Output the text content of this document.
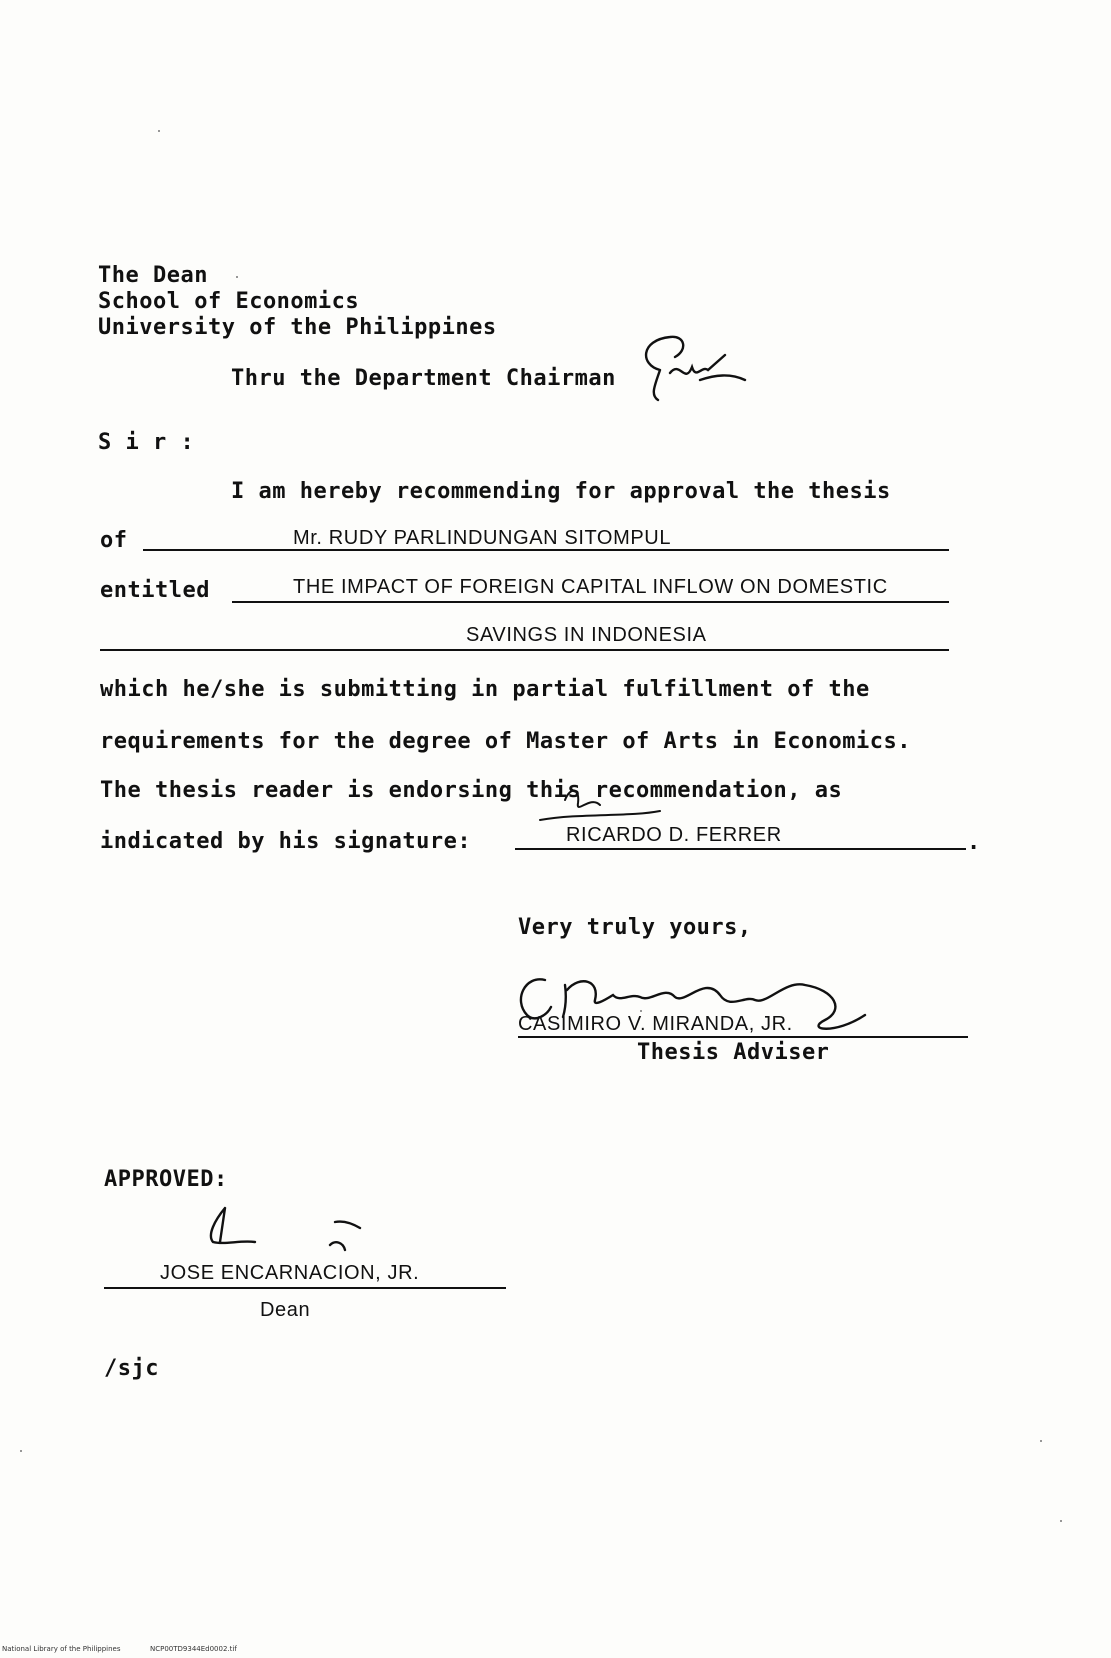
The Dean
School of Economics
University of the Philippines
Thru the Department Chairman
S i r :
I am hereby recommending for approval the thesis
of	Mr. RUDY PARLINDUNGAN SITOMPUL
entitled	THE IMPACT OF FOREIGN CAPITAL INFLOW ON DOMESTIC
SAVINGS IN INDONESIA
which he/she is submitting in partial fulfillment of the
requirements for the degree of Master of Arts in Economics.
The thesis reader is endorsing this recommendation, as
indicated by his signature:	RICARDO D. FERRER	.
Very truly yours,
CASIMIRO V. MIRANDA, JR.
Thesis Adviser
APPROVED:
JOSE ENCARNACION, JR.
Dean
/sjc
National Library of the Philippines	NCP00TD9344Ed0002.tif
